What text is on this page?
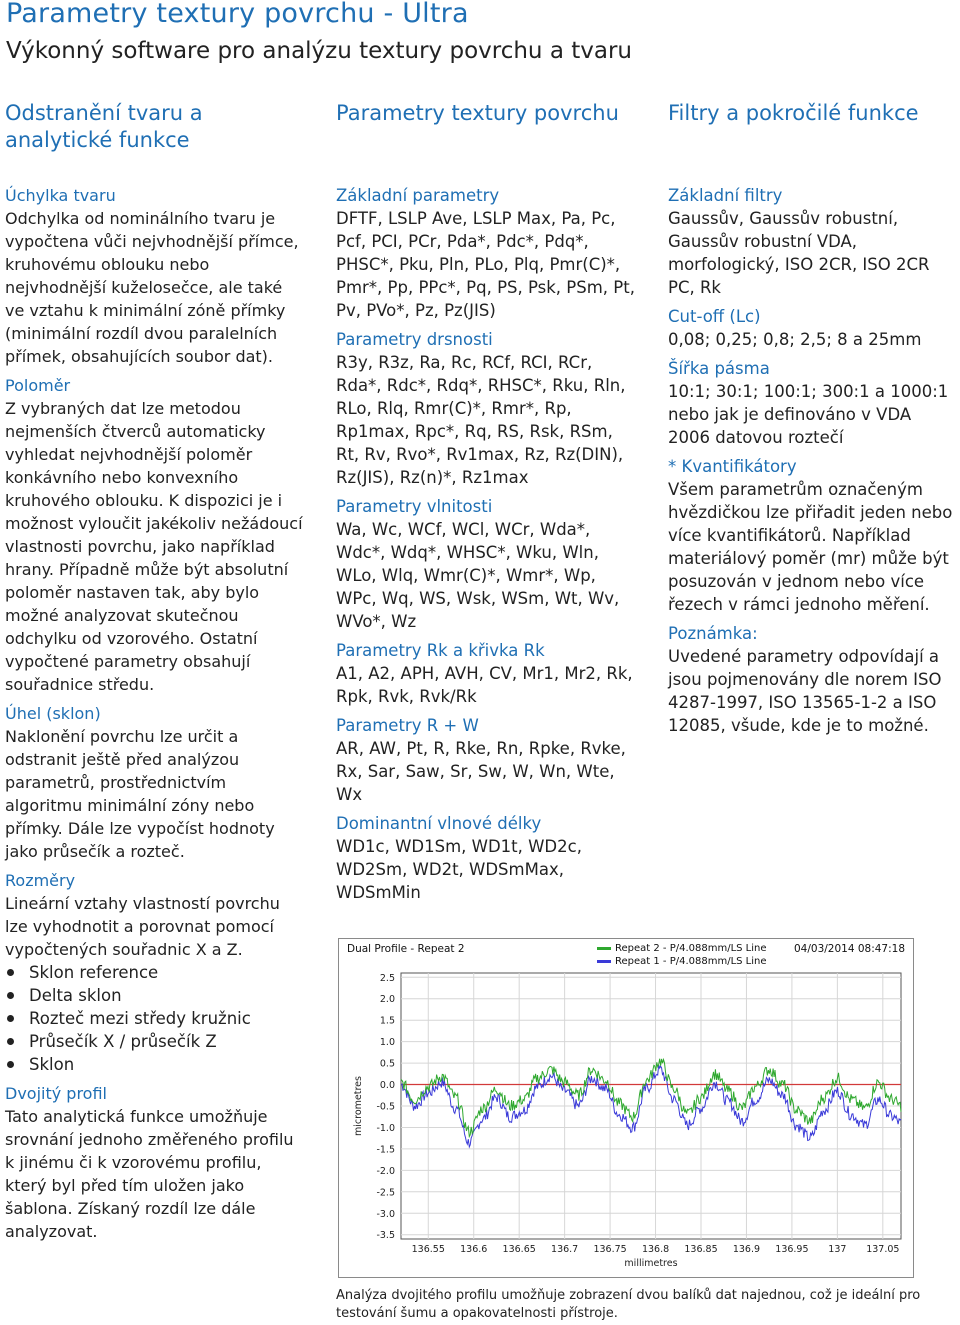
Parametry textury povrchu - Ultra
Výkonný software pro analýzu textury povrchu a tvaru
Odstranění tvaru a
analytické funkce
Úchylka tvaru
Odchylka od nominálního tvaru je vypočtena vůči nejvhodnější přímce, kruhovému oblouku nebo nejvhodnější kuželosečce, ale také ve vztahu k minimální zóně přímky (minimální rozdíl dvou paralelních přímek, obsahujících soubor dat).
Poloměr
Z vybraných dat lze metodou nejmenších čtverců automaticky vyhledat nejvhodnější poloměr konkávního nebo konvexního kruhového oblouku. K dispozici je i možnost vyloučit jakékoliv nežádoucí vlastnosti povrchu, jako například hrany. Případně může být absolutní poloměr nastaven tak, aby bylo možné analyzovat skutečnou odchylku od vzorového. Ostatní vypočtené parametry obsahují souřadnice středu.
Úhel (sklon)
Naklonění povrchu lze určit a odstranit ještě před analýzou parametrů, prostřednictvím algoritmu minimální zóny nebo přímky. Dále lze vypočíst hodnoty jako průsečík a rozteč.
Rozměry
Lineární vztahy vlastností povrchu lze vyhodnotit a porovnat pomocí vypočtených souřadnic X a Z.
Sklon reference
Delta sklon
Rozteč mezi středy kružnic
Průsečík X / průsečík Z
Sklon
Dvojitý profil
Tato analytická funkce umožňuje srovnání jednoho změřeného profilu k jinému či k vzorovému profilu, který byl před tím uložen jako šablona. Získaný rozdíl lze dále analyzovat.
Parametry textury povrchu
Základní parametry
DFTF, LSLP Ave, LSLP Max, Pa, Pc, Pcf, PCI, PCr, Pda*, Pdc*, Pdq*, PHSC*, Pku, Pln, PLo, Plq, Pmr(C)*, Pmr*, Pp, PPc*, Pq, PS, Psk, PSm, Pt, Pv, PVo*, Pz, Pz(JIS)
Parametry drsnosti
R3y, R3z, Ra, Rc, RCf, RCI, RCr, Rda*, Rdc*, Rdq*, RHSC*, Rku, Rln, RLo, Rlq, Rmr(C)*, Rmr*, Rp, Rp1max, Rpc*, Rq, RS, Rsk, RSm, Rt, Rv, Rvo*, Rv1max, Rz, Rz(DIN), Rz(JIS), Rz(n)*, Rz1max
Parametry vlnitosti
Wa, Wc, WCf, WCl, WCr, Wda*, Wdc*, Wdq*, WHSC*, Wku, Wln, WLo, Wlq, Wmr(C)*, Wmr*, Wp, WPc, Wq, WS, Wsk, WSm, Wt, Wv, WVo*, Wz
Parametry Rk a křivka Rk
A1, A2, APH, AVH, CV, Mr1, Mr2, Rk, Rpk, Rvk, Rvk/Rk
Parametry R + W
AR, AW, Pt, R, Rke, Rn, Rpke, Rvke, Rx, Sar, Saw, Sr, Sw, W, Wn, Wte, Wx
Dominantní vlnové délky
WD1c, WD1Sm, WD1t, WD2c, WD2Sm, WD2t, WDSmMax, WDSmMin
Filtry a pokročilé funkce
Základní filtry
Gaussův, Gaussův robustní, Gaussův robustní VDA, morfologický, ISO 2CR, ISO 2CR PC, Rk
Cut-off (Lc)
0,08; 0,25; 0,8; 2,5; 8 a 25mm
Šířka pásma
10:1; 30:1; 100:1; 300:1 a 1000:1 nebo jak je definováno v VDA 2006 datovou roztečí
* Kvantifikátory
Všem parametrům označeným hvězdičkou lze přiřadit jeden nebo více kvantifikátorů. Například materiálový poměr (mr) může být posuzován v jednom nebo více řezech v rámci jednoho měření.
Poznámka:
Uvedené parametry odpovídají a jsou pojmenovány dle norem ISO 4287-1997, ISO 13565-1-2 a ISO 12085, všude, kde je to možné.
2.5
2.0
1.5
1.0
0.5
0.0
-0.5
-1.0
-1.5
-2.0
-2.5
-3.0
-3.5
136.55 136.6 136.65 136.7 136.75 136.8 136.85 136.9 136.95 137 137.05
millimetres
micrometres
Dual Profile - Repeat 2	Repeat 2 - P/4.088mm/LS Line
Repeat 1 - P/4.088mm/LS Line
04/03/2014 08:47:18
Analýza dvojitého profilu umožňuje zobrazení dvou balíků dat najednou, což je ideální pro testování šumu a opakovatelnosti přístroje.
